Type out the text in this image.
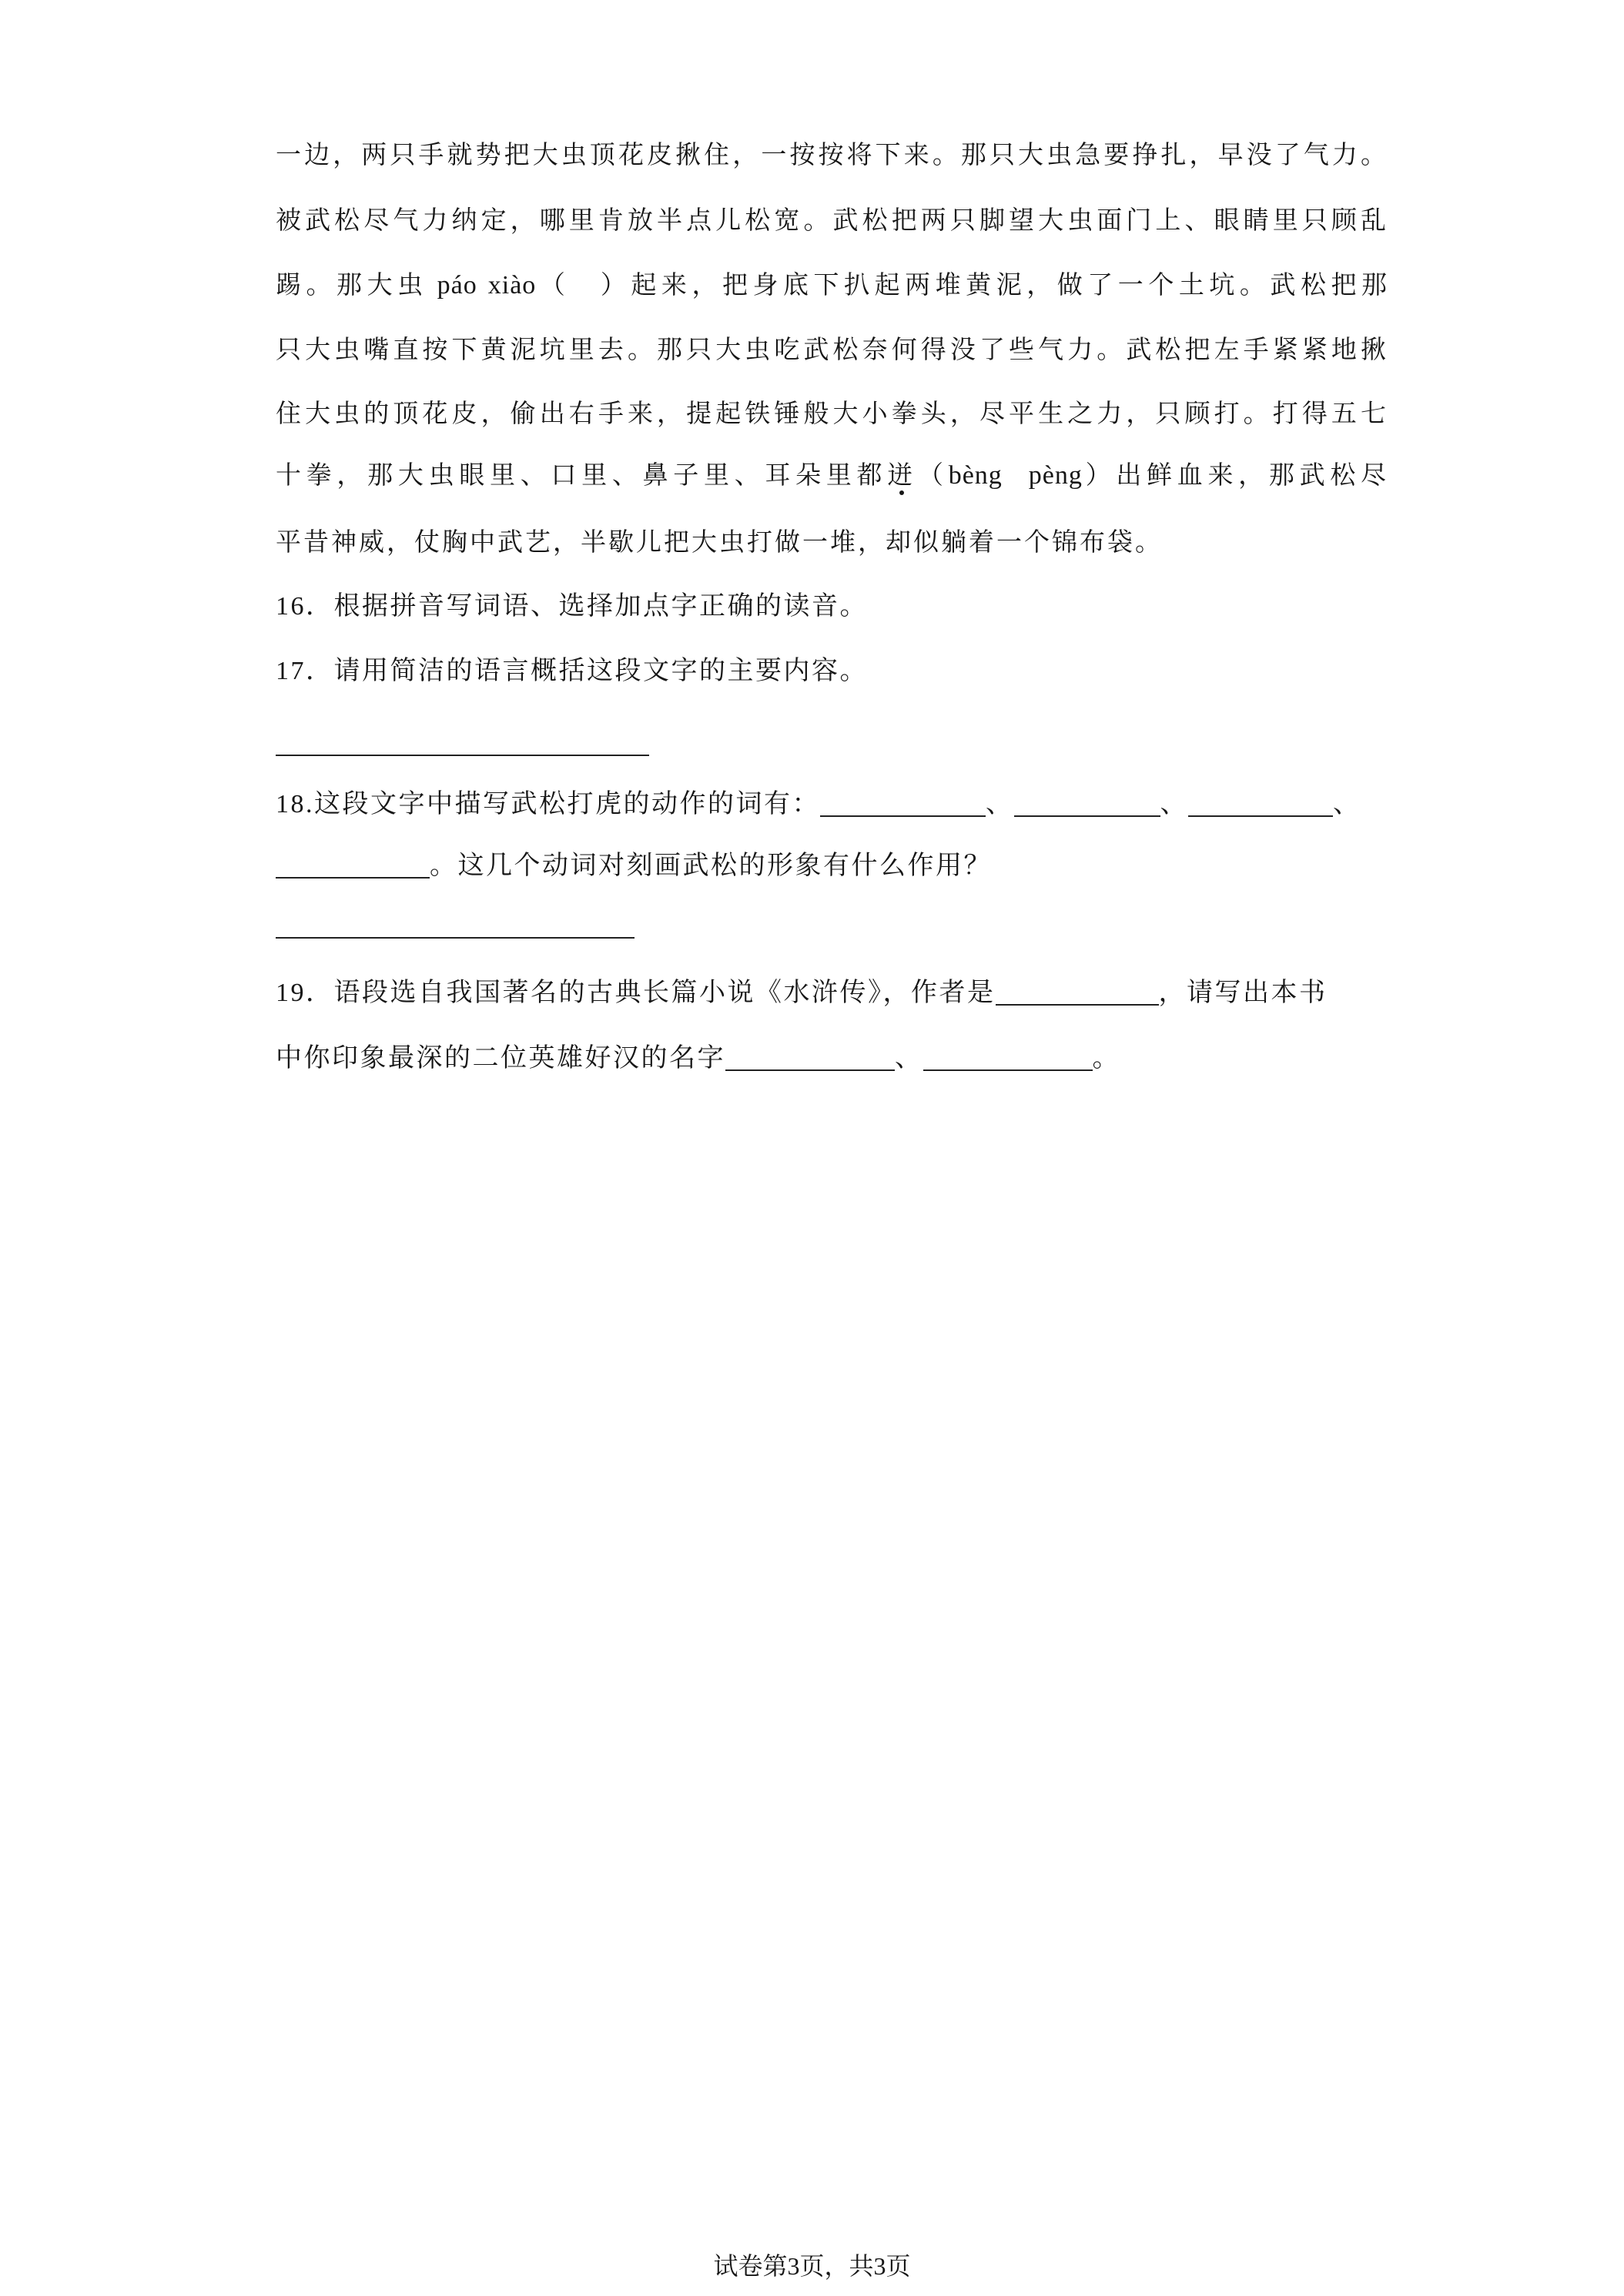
一边，两只手就势把大虫顶花皮揪住，一按按将下来。那只大虫急要挣扎，早没了气力。
被武松尽气力纳定，哪里肯放半点儿松宽。武松把两只脚望大虫面门上、眼睛里只顾乱
踢。那大虫 páo xiào（　）起来，把身底下扒起两堆黄泥，做了一个土坑。武松把那
只大虫嘴直按下黄泥坑里去。那只大虫吃武松奈何得没了些气力。武松把左手紧紧地揪
住大虫的顶花皮，偷出右手来，提起铁锤般大小拳头，尽平生之力，只顾打。打得五七
十拳，那大虫眼里、口里、鼻子里、耳朵里都迸（bèng pèng）出鲜血来，那武松尽
平昔神威，仗胸中武艺，半歇儿把大虫打做一堆，却似躺着一个锦布袋。
16．根据拼音写词语、选择加点字正确的读音。
17．请用简洁的语言概括这段文字的主要内容。
18.这段文字中描写武松打虎的动作的词有：	、	、	、
。这几个动词对刻画武松的形象有什么作用？
19．语段选自我国著名的古典长篇小说《水浒传》，作者是	，请写出本书
中你印象最深的二位英雄好汉的名字	、	。
试卷第3页，共3页
